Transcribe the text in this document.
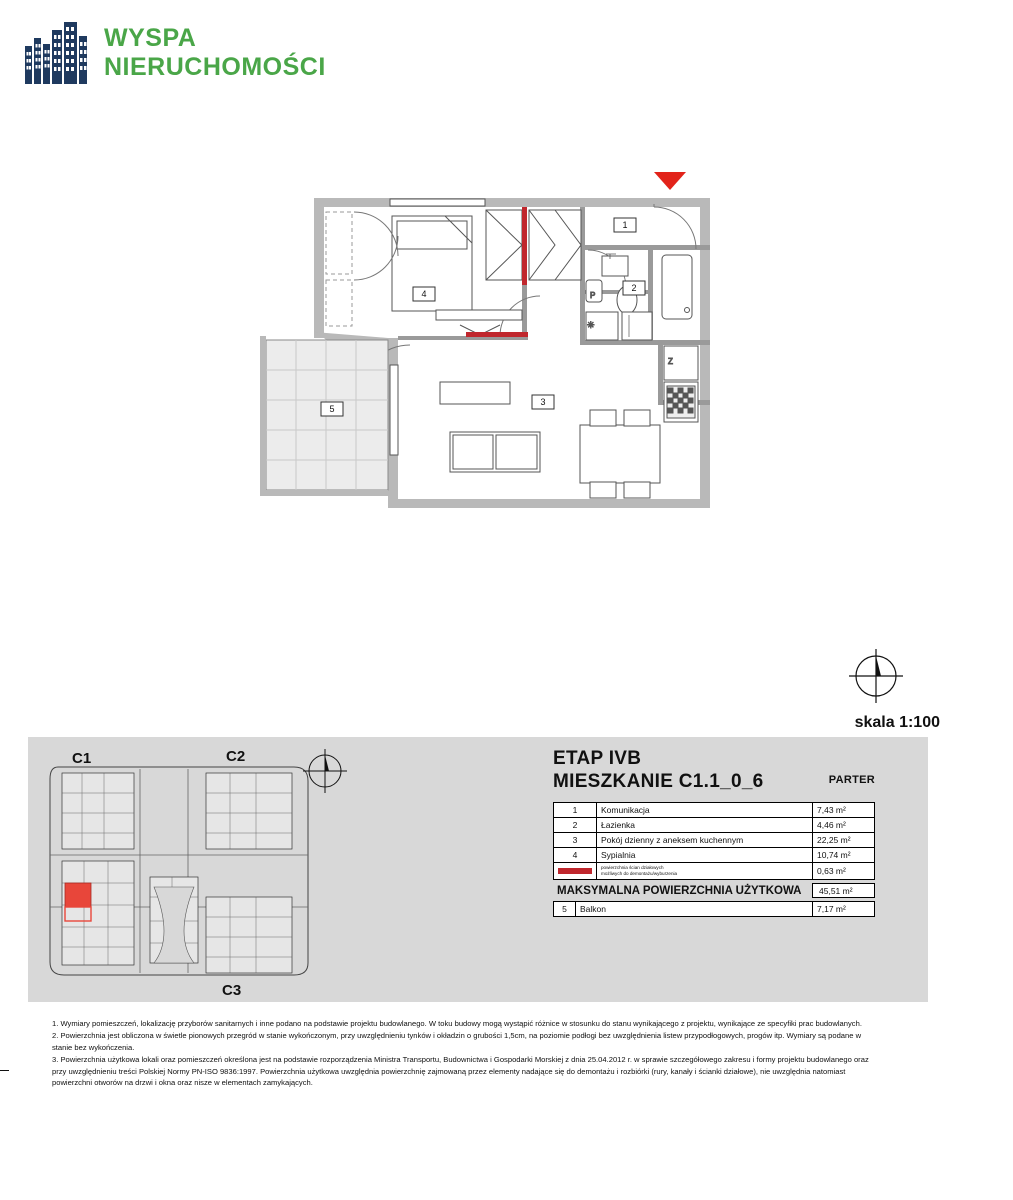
WYSPA
NIERUCHOMOŚCI
P
✳
Z
1
2
3
4
5
skala 1:100
C1	C2
C3
ETAP IVB
MIESZKANIE C1.1_0_6	PARTER
1	Komunikacja	7,43 m²
2	Łazienka	4,46 m²
3	Pokój dzienny z aneksem kuchennym	22,25 m²
4	Sypialnia	10,74 m²

	powierzchnia ścian działowych
możliwych do demontażu/wyburzenia	0,63 m²
MAKSYMALNA POWIERZCHNIA UŻYTKOWA	45,51 m²
5	Balkon	7,17 m²

1. Wymiary pomieszczeń, lokalizację przyborów sanitarnych i inne podano na podstawie projektu budowlanego. W toku budowy mogą wystąpić różnice w stosunku do stanu wynikającego z projektu, wynikające ze specyfiki prac budowlanych.

2. Powierzchnia jest obliczona w świetle pionowych przegród w stanie wykończonym, przy uwzględnieniu tynków i okładzin o grubości 1,5cm, na poziomie podłogi bez uwzględnienia listew przypodłogowych, progów itp. Wymiary są podane w stanie bez wykończenia.

3. Powierzchnia użytkowa lokali oraz pomieszczeń określona jest na podstawie rozporządzenia Ministra Transportu, Budownictwa i Gospodarki Morskiej z dnia 25.04.2012 r. w sprawie szczegółowego zakresu i formy projektu budowlanego oraz przy uwzględnieniu treści Polskiej Normy PN-ISO 9836:1997. Powierzchnia użytkowa uwzględnia powierzchnię zajmowaną przez elementy nadające się do demontażu i rozbiórki (rury, kanały i ścianki działowe), nie uwzględnia natomiast powierzchni otworów na drzwi i okna oraz nisze w elementach zamykających.
